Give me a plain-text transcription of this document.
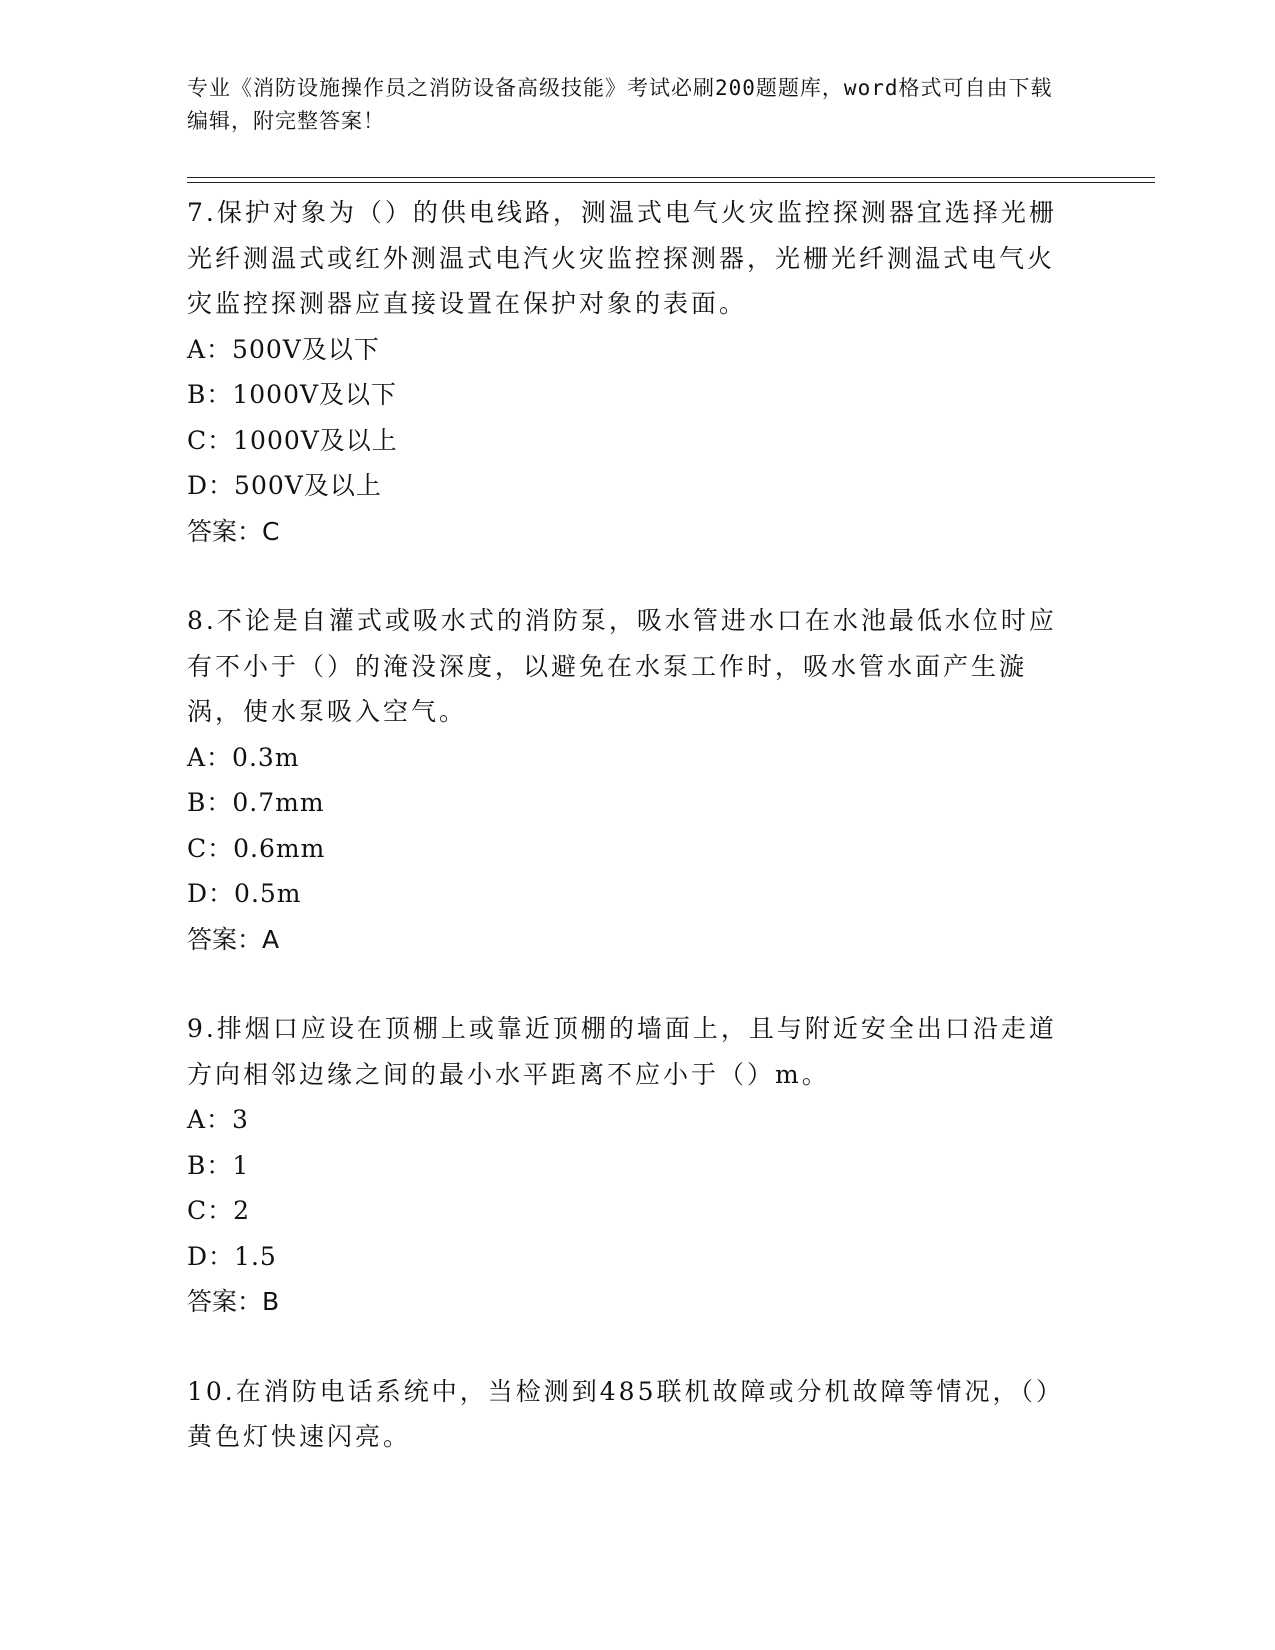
专业《消防设施操作员之消防设备高级技能》考试必刷200题题库，word格式可自由下载编辑，附完整答案！
7.保护对象为（）的供电线路，测温式电气火灾监控探测器宜选择光栅光纤测温式或红外测温式电汽火灾监控探测器，光栅光纤测温式电气火灾监控探测器应直接设置在保护对象的表面。
A：500V及以下
B：1000V及以下
C：1000V及以上
D：500V及以上
答案：C
8.不论是自灌式或吸水式的消防泵，吸水管进水口在水池最低水位时应有不小于（）的淹没深度，以避免在水泵工作时，吸水管水面产生漩涡，使水泵吸入空气。
A：0.3m
B：0.7mm
C：0.6mm
D：0.5m
答案：A
9.排烟口应设在顶棚上或靠近顶棚的墙面上，且与附近安全出口沿走道方向相邻边缘之间的最小水平距离不应小于（）m。
A：3
B：1
C：2
D：1.5
答案：B
10.在消防电话系统中，当检测到485联机故障或分机故障等情况，（）黄色灯快速闪亮。
